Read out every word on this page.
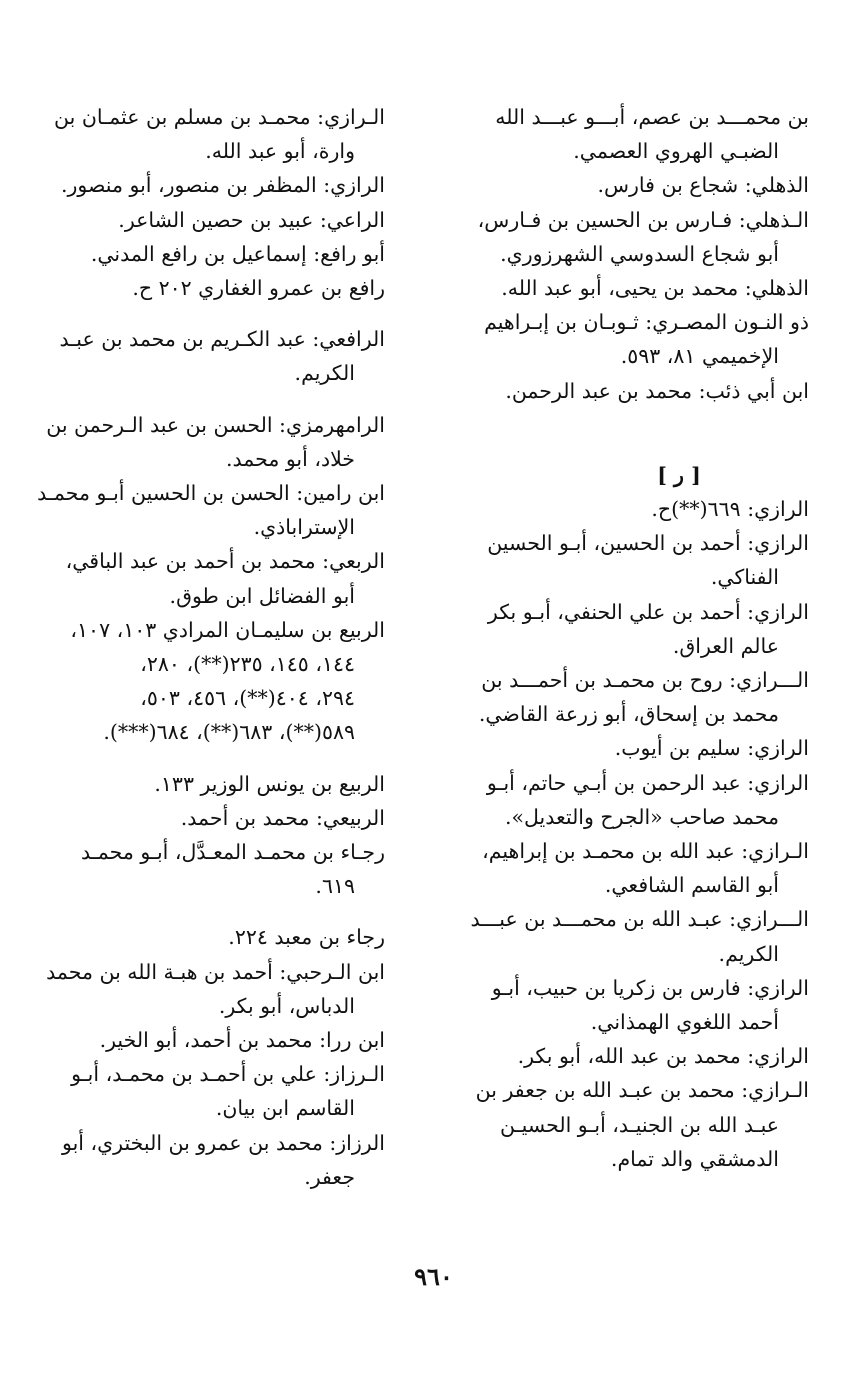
بن محمـــد بن عصم، أبـــو عبـــد الله
الضبـي الهروي العصمي.
الذهلي: شجاع بن فارس.
الـذهلي: فـارس بن الحسين بن فـارس،
أبو شجاع السدوسي الشهرزوري.
الذهلي: محمد بن يحيى، أبو عبد الله.
ذو النـون المصـري: ثـوبـان بن إبـراهيم
الإخميمي ٨١، ٥٩٣.
ابن أبي ذئب: محمد بن عبد الرحمن.
[ ر ]
الرازي: ٦٦٩(**)ح.
الرازي: أحمد بن الحسين، أبـو الحسين
الفناكي.
الرازي: أحمد بن علي الحنفي، أبـو بكر
عالم العراق.
الـــرازي: روح بن محمـد بن أحمـــد بن
محمد بن إسحاق، أبو زرعة القاضي.
الرازي: سليم بن أيوب.
الرازي: عبد الرحمن بن أبـي حاتم، أبـو
محمد صاحب «الجرح والتعديل».
الـرازي: عبد الله بن محمـد بن إبراهيم،
أبو القاسم الشافعي.
الـــرازي: عبـد الله بن محمـــد بن عبـــد
الكريم.
الرازي: فارس بن زكريا بن حبيب، أبـو
أحمد اللغوي الهمذاني.
الرازي: محمد بن عبد الله، أبو بكر.
الـرازي: محمد بن عبـد الله بن جعفر بن
عبـد الله بن الجنيـد، أبـو الحسيـن
الدمشقي والد تمام.
الـرازي: محمـد بن مسلم بن عثمـان بن
وارة، أبو عبد الله.
الرازي: المظفر بن منصور، أبو منصور.
الراعي: عبيد بن حصين الشاعر.
أبو رافع: إسماعيل بن رافع المدني.
رافع بن عمرو الغفاري ٢٠٢ ح.
الرافعي: عبد الكـريم بن محمد بن عبـد
الكريم.
الرامهرمزي: الحسن بن عبد الـرحمن بن
خلاد، أبو محمد.
ابن رامين: الحسن بن الحسين أبـو محمـد
الإستراباذي.
الربعي: محمد بن أحمد بن عبد الباقي،
أبو الفضائل ابن طوق.
الربيع بن سليمـان المرادي ١٠٣، ١٠٧،
١٤٤، ١٤٥، ٢٣٥(**)، ٢٨٠،
٢٩٤، ٤٠٤(**)، ٤٥٦، ٥٠٣،
٥٨٩(**)، ٦٨٣(**)، ٦٨٤(***).
الربيع بن يونس الوزير ١٣٣.
الربيعي: محمد بن أحمد.
رجـاء بن محمـد المعـدَّل، أبـو محمـد
٦١٩.
رجاء بن معبد ٢٢٤.
ابن الـرحبي: أحمد بن هبـة الله بن محمد
الدباس، أبو بكر.
ابن ررا: محمد بن أحمد، أبو الخير.
الـرزاز: علي بن أحمـد بن محمـد، أبـو
القاسم ابن بيان.
الرزاز: محمد بن عمرو بن البختري، أبو
جعفر.
٩٦٠
